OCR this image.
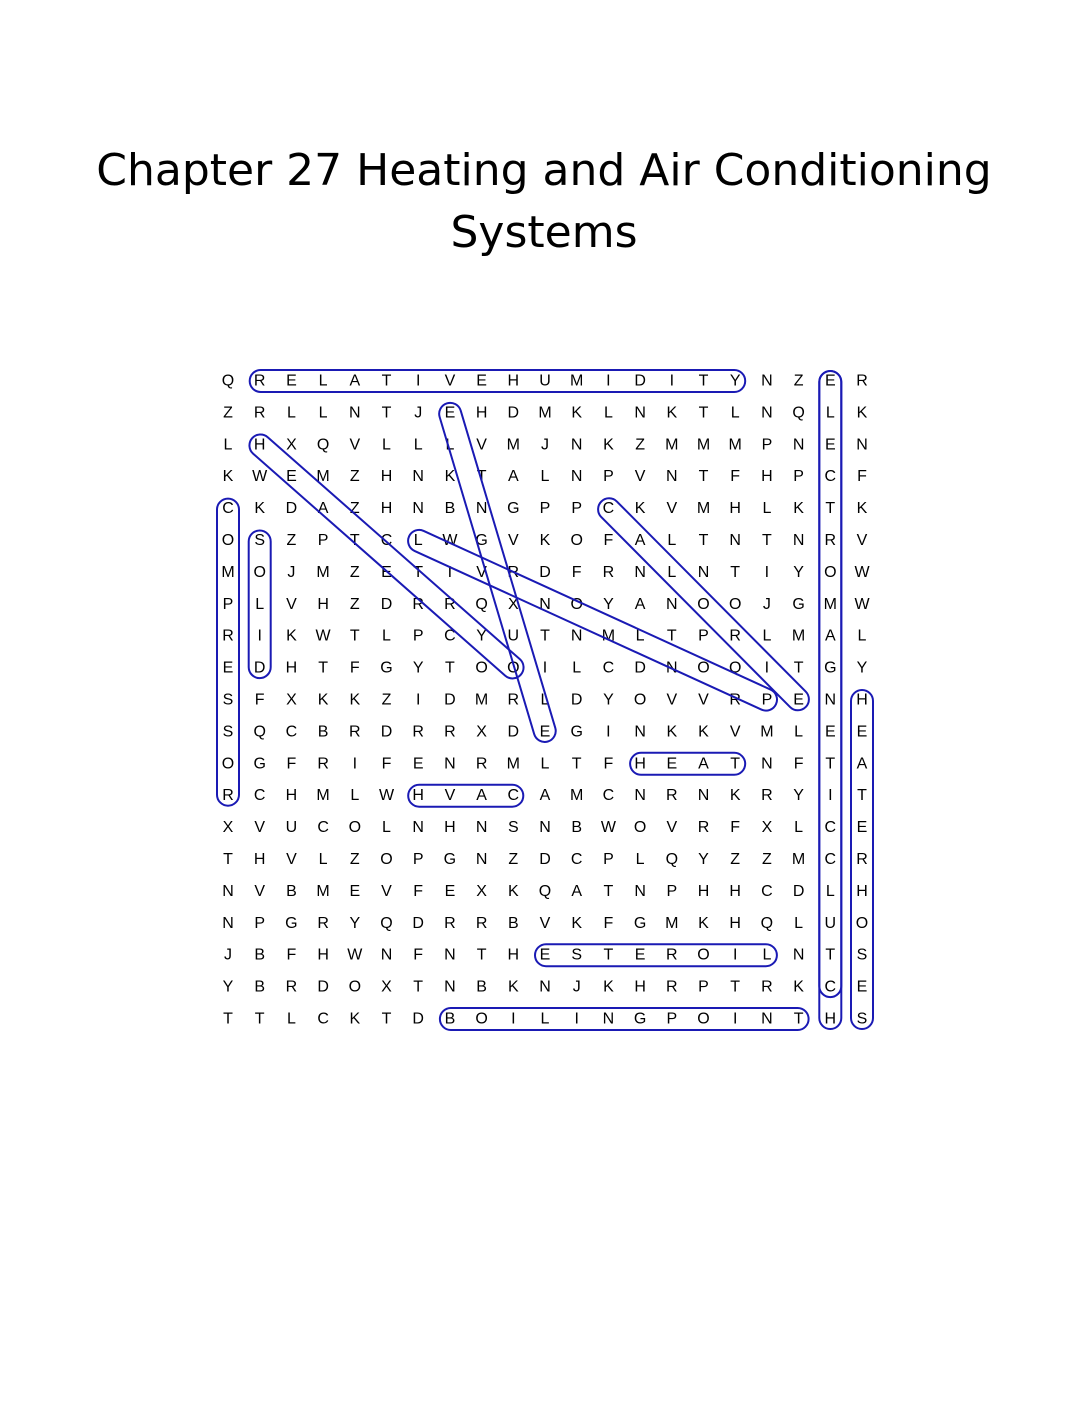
Chapter 27 Heating and Air Conditioning
Systems
Q R E L A T I V E H U M I D I T Y N Z E R
Z R L L N T J E H D M K L N K T L N Q L K
L H X Q V L L L V M J N K Z M M M P N E N
K W E M Z H N K T A L N P V N T F H P C F
C K D A Z H N B N G P P C K V M H L K T K
O S Z P T C L W G V K O F A L T N T N R V
M O J M Z E T I V R D F R N L N T I Y O W
P L V H Z D R R Q X N O Y A N O O J G M W
R I K W T L P C Y U T N M L T P R L M A L
E D H T F G Y T O O I L C D N O Q I T G Y
S F X K K Z I D M R L D Y O V V R P E N H
S Q C B R D R R X D E G I N K K V M L E E
O G F R I F E N R M L T F H E A T N F T A
R C H M L W H V A C A M C N R N K R Y I T
X V U C O L N H N S N B W O V R F X L C E
T H V L Z O P G N Z D C P L Q Y Z Z M C R
N V B M E V F E X K Q A T N P H H C D L H
N P G R Y Q D R R B V K F G M K H Q L U O
J B F H W N F N T H E S T E R O I L N T S
Y B R D O X T N B K N J K H R P T R K C E
T T L C K T D B O I L I N G P O I N T H S
